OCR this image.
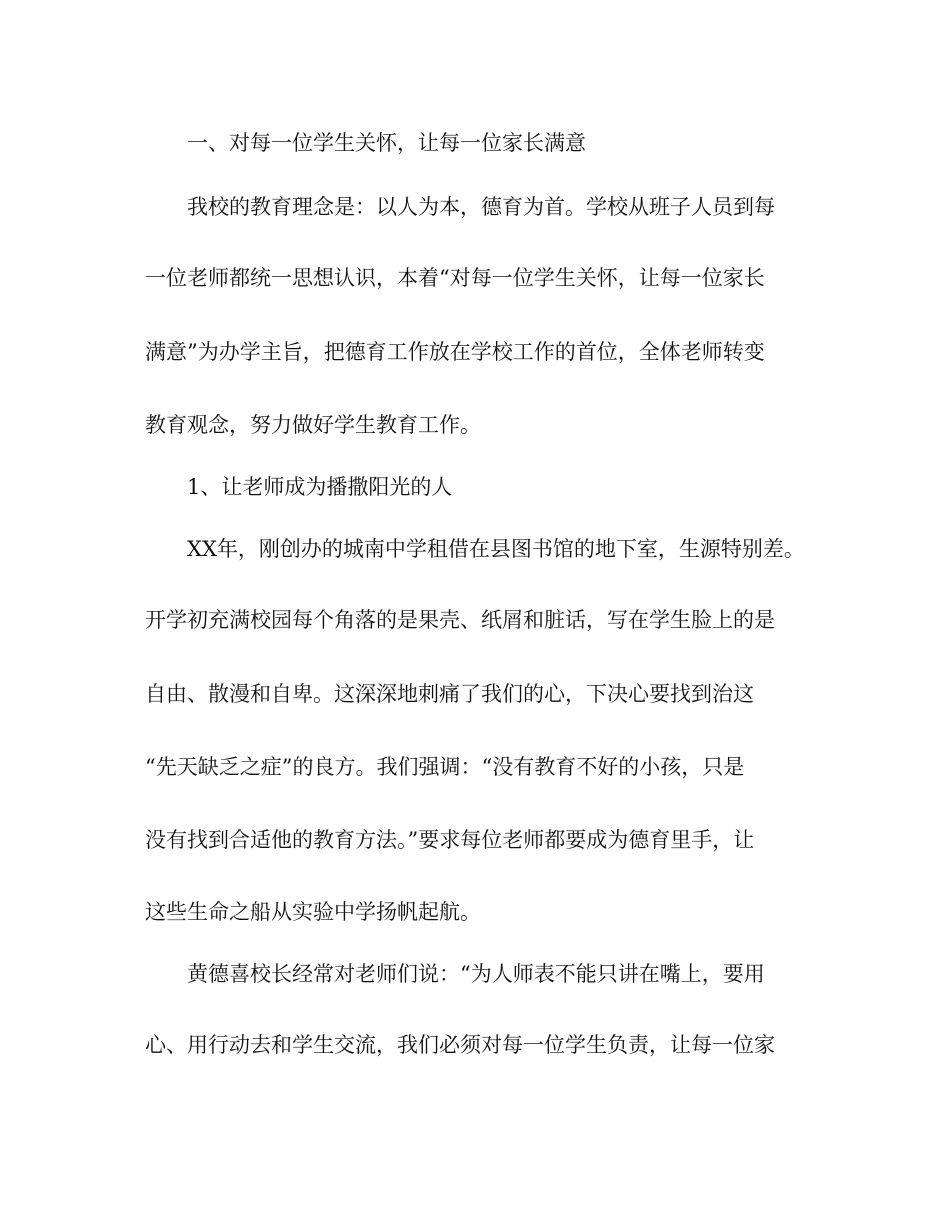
一、对每一位学生关怀，让每一位家长满意

我校的教育理念是：以人为本，德育为首。学校从班子人员到每

一位老师都统一思想认识，本着“对每一位学生关怀，让每一位家长

满意”为办学主旨，把德育工作放在学校工作的首位，全体老师转变

教育观念，努力做好学生教育工作。

1、让老师成为播撒阳光的人

XX年，刚创办的城南中学租借在县图书馆的地下室，生源特别差。

开学初充满校园每个角落的是果壳、纸屑和脏话，写在学生脸上的是

自由、散漫和自卑。这深深地刺痛了我们的心，下决心要找到治这

“先天缺乏之症”的良方。我们强调：“没有教育不好的小孩，只是

没有找到合适他的教育方法。”要求每位老师都要成为德育里手，让

这些生命之船从实验中学扬帆起航。

黄德喜校长经常对老师们说：“为人师表不能只讲在嘴上，要用

心、用行动去和学生交流，我们必须对每一位学生负责，让每一位家
